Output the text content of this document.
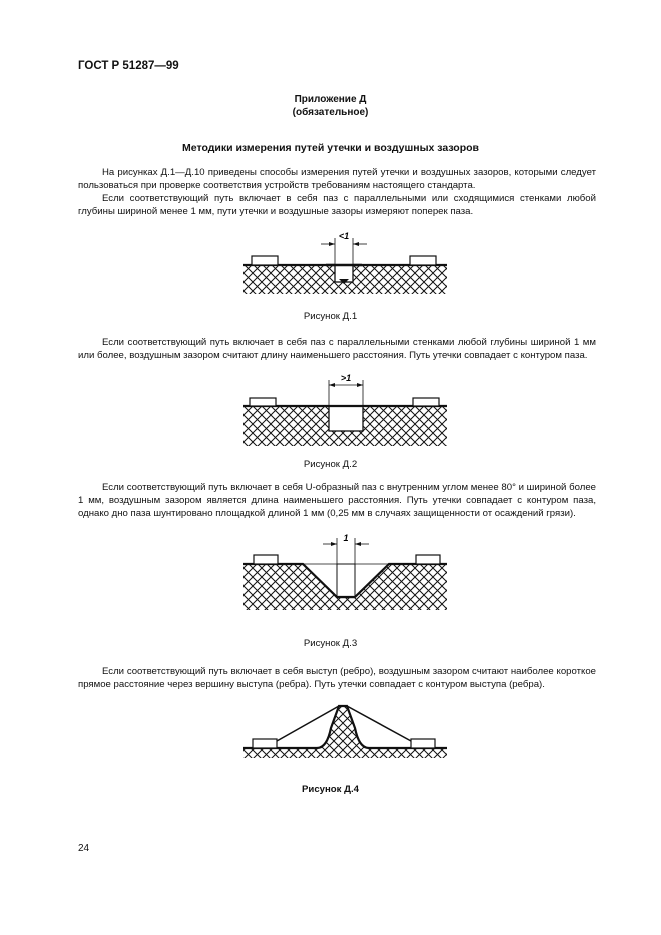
ГОСТ Р 51287—99
Приложение Д
(обязательное)
Методики измерения путей утечки и воздушных зазоров

На рисунках Д.1—Д.10 приведены способы измерения путей утечки и воздушных зазоров, которыми следует пользоваться при проверке соответствия устройств требованиям настоящего стандарта.

Если соответствующий путь включает в себя паз с параллельными или сходящимися стенками любой глубины шириной менее 1 мм, пути утечки и воздушные зазоры измеряют поперек паза.

<1
Рисунок Д.1

Если соответствующий путь включает в себя паз с параллельными стенками любой глубины шириной 1 мм или более, воздушным зазором считают длину наименьшего расстояния. Путь утечки совпадает с контуром паза.

>1
Рисунок Д.2

Если соответствующий путь включает в себя U-образный паз с внутренним углом менее 80° и шириной более 1 мм, воздушным зазором является длина наименьшего расстояния. Путь утечки совпадает с контуром паза, однако дно паза шунтировано площадкой длиной 1 мм (0,25 мм в случаях защищенности от осаждений грязи).

1
Рисунок Д.3

Если соответствующий путь включает в себя выступ (ребро), воздушным зазором считают наиболее короткое прямое расстояние через вершину выступа (ребра). Путь утечки совпадает с контуром выступа (ребра).

Рисунок Д.4
24
